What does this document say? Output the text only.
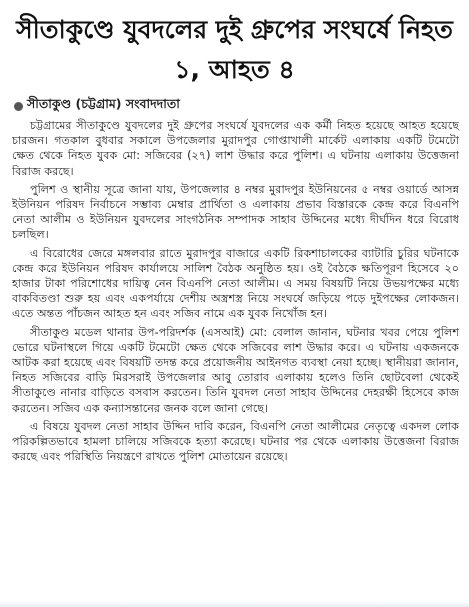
সীতাকুণ্ডে যুবদলের দুই গ্রুপের সংঘর্ষে নিহত ১, আহত ৪
সীতাকুণ্ড (চট্টগ্রাম) সংবাদদাতা

চট্টগ্রামের সীতাকুণ্ডে যুবদলের দুই গ্রুপের সংঘর্ষে যুবদলের এক কর্মী নিহত হয়েছে আহত হয়েছে চারজন। গতকাল বুধবার সকালে উপজেলার মুরাদপুর গোপ্তাখালী মার্কেট এলাকায় একটি টমেটো ক্ষেত থেকে নিহত যুবক মো: সজিবের (২৭) লাশ উদ্ধার করে পুলিশ। এ ঘটনায় এলাকায় উত্তেজনা বিরাজ করছে।

পুলিশ ও স্থানীয় সূত্রে জানা যায়, উপজেলার ৪ নম্বর মুরাদপুর ইউনিয়নের ৫ নম্বর ওয়ার্ডে আসন্ন ইউনিয়ন পরিষদ নির্বাচনে সম্ভাব্য মেম্বার প্রার্থিতা ও এলাকায় প্রভাব বিস্তারকে কেন্দ্র করে বিএনপি নেতা আলীম ও ইউনিয়ন যুবদলের সাংগঠনিক সম্পাদক সাহাব উদ্দিনের মধ্যে দীর্ঘদিন ধরে বিরোধ চলছিল।

এ বিরোধের জেরে মঙ্গলবার রাতে মুরাদপুর বাজারে একটি রিকশাচালকের ব্যাটারি চুরির ঘটনাকে কেন্দ্র করে ইউনিয়ন পরিষদ কার্যালয়ে সালিশ বৈঠক অনুষ্ঠিত হয়। ওই বৈঠকে ক্ষতিপূরণ হিসেবে ২০ হাজার টাকা পরিশোধের দায়িত্ব নেন বিএনপি নেতা আলীম। এ সময় বিষয়টি নিয়ে উভয়পক্ষের মধ্যে বাকবিতণ্ডা শুরু হয় এবং একপর্যায়ে দেশীয় অস্ত্রশস্ত্র নিয়ে সংঘর্ষে জড়িয়ে পড়ে দুইপক্ষের লোকজন। এতে অন্তত পাঁচজন আহত হন এবং সজিব নামে এক যুবক নিখোঁজ হন।

সীতাকুণ্ড মডেল থানার উপ-পরিদর্শক (এসআই) মো: বেলাল জানান, ঘটনার খবর পেয়ে পুলিশ ভোরে ঘটনাস্থলে গিয়ে একটি টমেটো ক্ষেত থেকে সজিবের লাশ উদ্ধার করে। এ ঘটনায় একজনকে আটক করা হয়েছে এবং বিষয়টি তদন্ত করে প্রয়োজনীয় আইনগত ব্যবস্থা নেয়া হচ্ছে। স্থানীয়রা জানান, নিহত সজিবের বাড়ি মিরসরাই উপজেলার আবু তোরাব এলাকায় হলেও তিনি ছোটবেলা থেকেই সীতাকুণ্ডে নানার বাড়িতে বসবাস করতেন। তিনি যুবদল নেতা সাহাব উদ্দিনের দেহরক্ষী হিসেবে কাজ করতেন। সজিব এক কন্যাসন্তানের জনক বলে জানা গেছে।

এ বিষয়ে যুবদল নেতা সাহাব উদ্দিন দাবি করেন, বিএনপি নেতা আলীমের নেতৃত্বে একদল লোক পরিকল্পিতভাবে হামলা চালিয়ে সজিবকে হত্যা করেছে। ঘটনার পর থেকে এলাকায় উত্তেজনা বিরাজ করছে এবং পরিস্থিতি নিয়ন্ত্রণে রাখতে পুলিশ মোতায়েন রয়েছে।
